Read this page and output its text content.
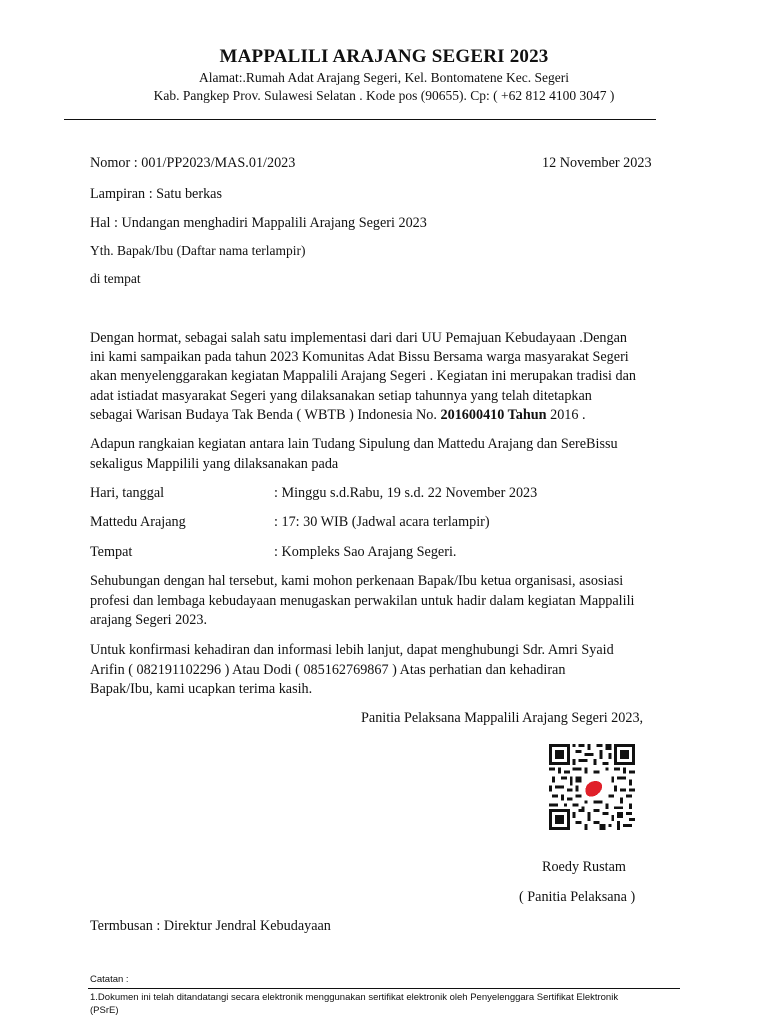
MAPPALILI ARAJANG SEGERI 2023
Alamat:.Rumah Adat Arajang Segeri, Kel. Bontomatene Kec. Segeri
Kab. Pangkep Prov. Sulawesi Selatan . Kode pos (90655). Cp: ( +62 812 4100 3047 )
Nomor : 001/PP2023/MAS.01/2023	12 November 2023
Lampiran : Satu berkas
Hal : Undangan menghadiri Mappalili Arajang Segeri 2023
Yth. Bapak/Ibu (Daftar nama terlampir)
di tempat
Dengan hormat, sebagai salah satu implementasi dari dari UU Pemajuan Kebudayaan .Dengan
ini kami sampaikan pada tahun 2023 Komunitas Adat Bissu Bersama warga masyarakat Segeri
akan menyelenggarakan kegiatan Mappalili Arajang Segeri . Kegiatan ini merupakan tradisi dan
adat istiadat masyarakat Segeri yang dilaksanakan setiap tahunnya yang telah ditetapkan
sebagai Warisan Budaya Tak Benda ( WBTB ) Indonesia No. 201600410 Tahun 2016 .
Adapun rangkaian kegiatan antara lain Tudang Sipulung dan Mattedu Arajang dan SereBissu
sekaligus Mappilili yang dilaksanakan pada
Hari, tanggal	: Minggu s.d.Rabu, 19 s.d. 22 November 2023
Mattedu Arajang	: 17: 30 WIB (Jadwal acara terlampir)
Tempat	: Kompleks Sao Arajang Segeri.
Sehubungan dengan hal tersebut, kami mohon perkenaan Bapak/Ibu ketua organisasi, asosiasi
profesi dan lembaga kebudayaan menugaskan perwakilan untuk hadir dalam kegiatan Mappalili
arajang Segeri 2023.
Untuk konfirmasi kehadiran dan informasi lebih lanjut, dapat menghubungi Sdr. Amri Syaid
Arifin ( 082191102296 ) Atau Dodi ( 085162769867 ) Atas perhatian dan kehadiran
Bapak/Ibu, kami ucapkan terima kasih.
Panitia Pelaksana Mappalili Arajang Segeri 2023,
Roedy Rustam
( Panitia Pelaksana )
Termbusan : Direktur Jendral Kebudayaan
Catatan :
1.Dokumen ini telah ditandatangi secara elektronik menggunakan sertifikat elektronik oleh Penyelenggara Sertifikat Elektronik
(PSrE)
